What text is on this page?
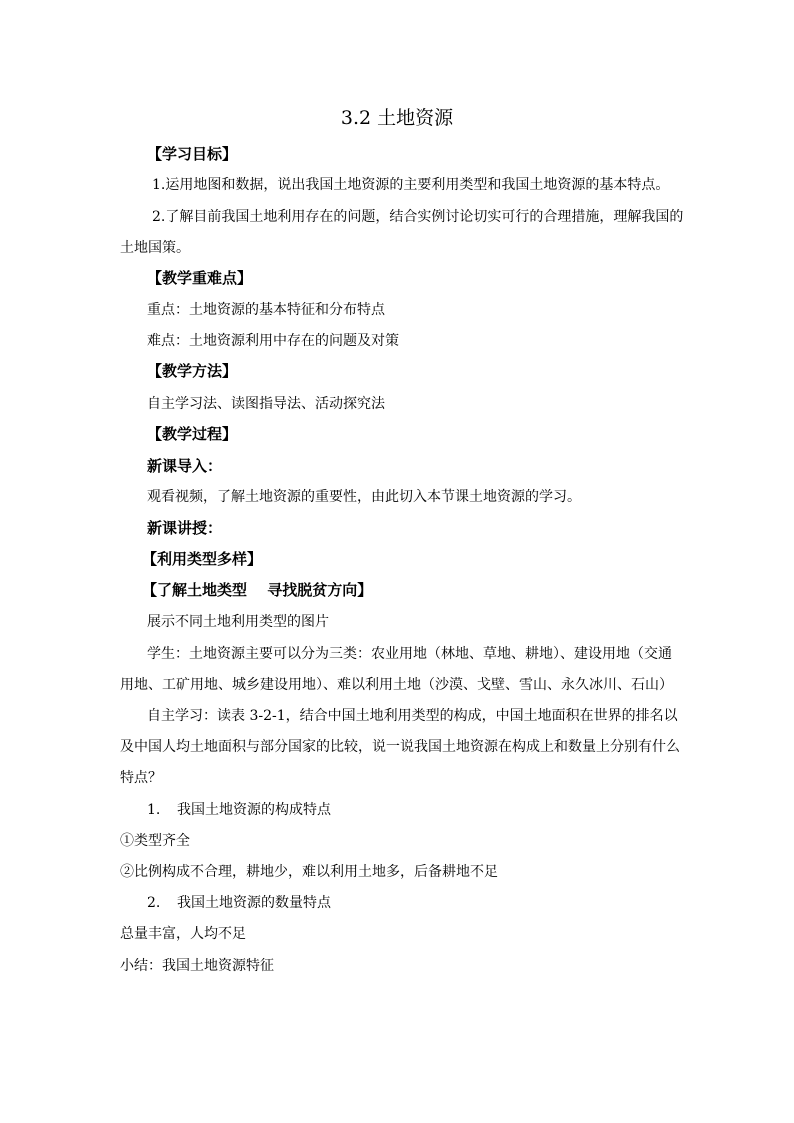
3.2 土地资源
【学习目标】
1.运用地图和数据，说出我国土地资源的主要利用类型和我国土地资源的基本特点。
2.了解目前我国土地利用存在的问题，结合实例讨论切实可行的合理措施，理解我国的
土地国策。
【教学重难点】
重点：土地资源的基本特征和分布特点
难点：土地资源利用中存在的问题及对策
【教学方法】
自主学习法、读图指导法、活动探究法
【教学过程】
新课导入：
观看视频，了解土地资源的重要性，由此切入本节课土地资源的学习。
新课讲授：
【利用类型多样】
【了解土地类型　 寻找脱贫方向】
展示不同土地利用类型的图片
学生：土地资源主要可以分为三类：农业用地（林地、草地、耕地）、建设用地（交通
用地、工矿用地、城乡建设用地）、难以利用土地（沙漠、戈壁、雪山、永久冰川、石山）
自主学习：读表 3-2-1，结合中国土地利用类型的构成，中国土地面积在世界的排名以
及中国人均土地面积与部分国家的比较，说一说我国土地资源在构成上和数量上分别有什么
特点？
1. 我国土地资源的构成特点
①类型齐全
②比例构成不合理，耕地少，难以利用土地多，后备耕地不足
2. 我国土地资源的数量特点
总量丰富，人均不足
小结：我国土地资源特征
